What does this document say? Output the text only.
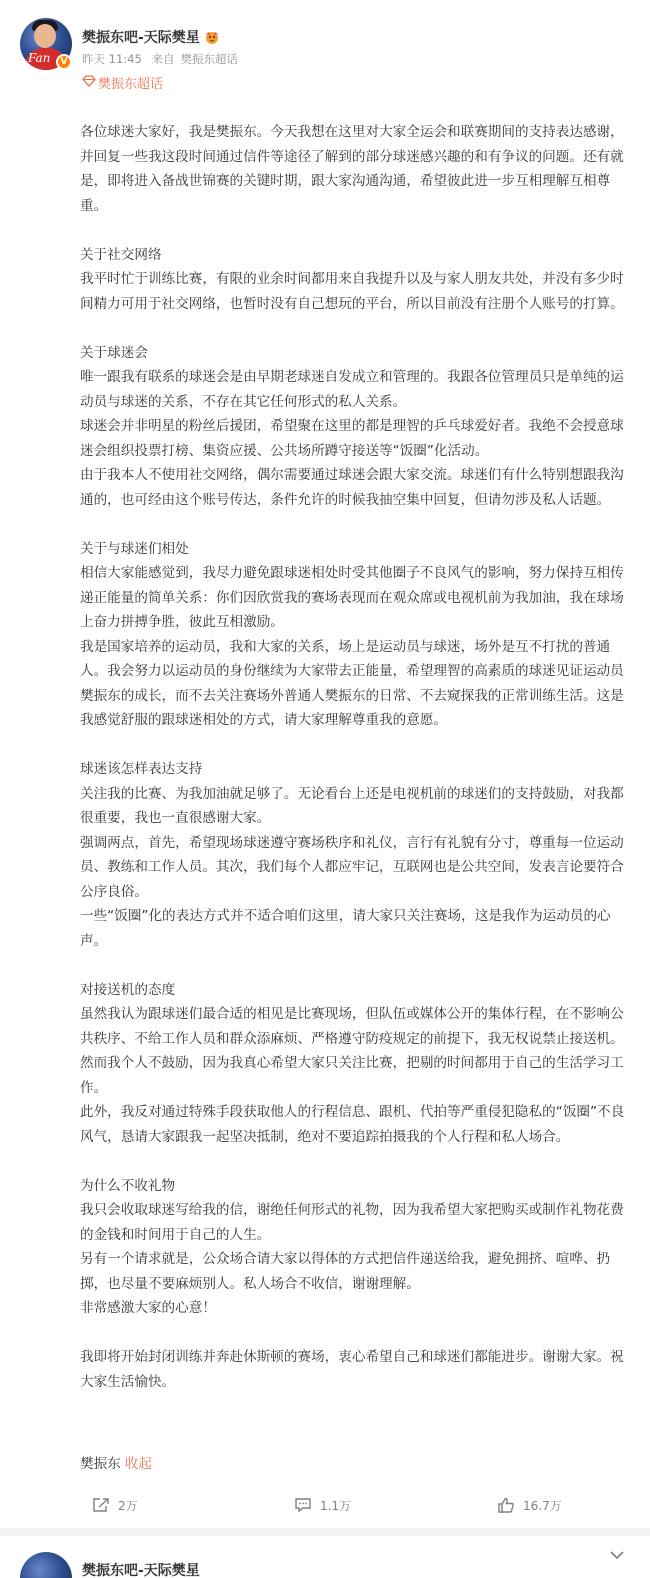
Fan	V
樊振东吧-天际樊星
昨天 11:45 来自 樊振东超话
樊振东超话

各位球迷大家好，我是樊振东。今天我想在这里对大家全运会和联赛期间的支持表达感谢，并回复一些我这段时间通过信件等途径了解到的部分球迷感兴趣的和有争议的问题。还有就是，即将进入备战世锦赛的关键时期，跟大家沟通沟通，希望彼此进一步互相理解互相尊重。

关于社交网络

我平时忙于训练比赛，有限的业余时间都用来自我提升以及与家人朋友共处，并没有多少时间精力可用于社交网络，也暂时没有自己想玩的平台，所以目前没有注册个人账号的打算。

关于球迷会

唯一跟我有联系的球迷会是由早期老球迷自发成立和管理的。我跟各位管理员只是单纯的运动员与球迷的关系，不存在其它任何形式的私人关系。

球迷会并非明星的粉丝后援团，希望聚在这里的都是理智的乒乓球爱好者。我绝不会授意球迷会组织投票打榜、集资应援、公共场所蹲守接送等“饭圈”化活动。

由于我本人不使用社交网络，偶尔需要通过球迷会跟大家交流。球迷们有什么特别想跟我沟通的，也可经由这个账号传达，条件允许的时候我抽空集中回复，但请勿涉及私人话题。

关于与球迷们相处

相信大家能感觉到，我尽力避免跟球迷相处时受其他圈子不良风气的影响，努力保持互相传递正能量的简单关系：你们因欣赏我的赛场表现而在观众席或电视机前为我加油，我在球场上奋力拼搏争胜，彼此互相激励。

我是国家培养的运动员，我和大家的关系，场上是运动员与球迷，场外是互不打扰的普通人。我会努力以运动员的身份继续为大家带去正能量，希望理智的高素质的球迷见证运动员樊振东的成长，而不去关注赛场外普通人樊振东的日常、不去窥探我的正常训练生活。这是我感觉舒服的跟球迷相处的方式，请大家理解尊重我的意愿。

球迷该怎样表达支持

关注我的比赛、为我加油就足够了。无论看台上还是电视机前的球迷们的支持鼓励，对我都很重要，我也一直很感谢大家。

强调两点，首先，希望现场球迷遵守赛场秩序和礼仪，言行有礼貌有分寸，尊重每一位运动员、教练和工作人员。其次，我们每个人都应牢记，互联网也是公共空间，发表言论要符合公序良俗。

一些“饭圈”化的表达方式并不适合咱们这里，请大家只关注赛场，这是我作为运动员的心声。

对接送机的态度

虽然我认为跟球迷们最合适的相见是比赛现场，但队伍或媒体公开的集体行程，在不影响公共秩序、不给工作人员和群众添麻烦、严格遵守防疫规定的前提下，我无权说禁止接送机。然而我个人不鼓励，因为我真心希望大家只关注比赛，把剔的时间都用于自己的生活学习工作。

此外，我反对通过特殊手段获取他人的行程信息、跟机、代拍等严重侵犯隐私的“饭圈”不良风气，恳请大家跟我一起坚决抵制，绝对不要追踪拍摄我的个人行程和私人场合。

为什么不收礼物

我只会收取球迷写给我的信，谢绝任何形式的礼物，因为我希望大家把购买或制作礼物花费的金钱和时间用于自己的人生。

另有一个请求就是，公众场合请大家以得体的方式把信件递送给我，避免拥挤、喧哗、扔掷，也尽量不要麻烦别人。私人场合不收信，谢谢理解。

非常感激大家的心意！

我即将开始封闭训练并奔赴休斯顿的赛场，衷心希望自己和球迷们都能进步。谢谢大家。祝大家生活愉快。

樊振东 收起
2万	1.1万	16.7万
樊振东吧-天际樊星
